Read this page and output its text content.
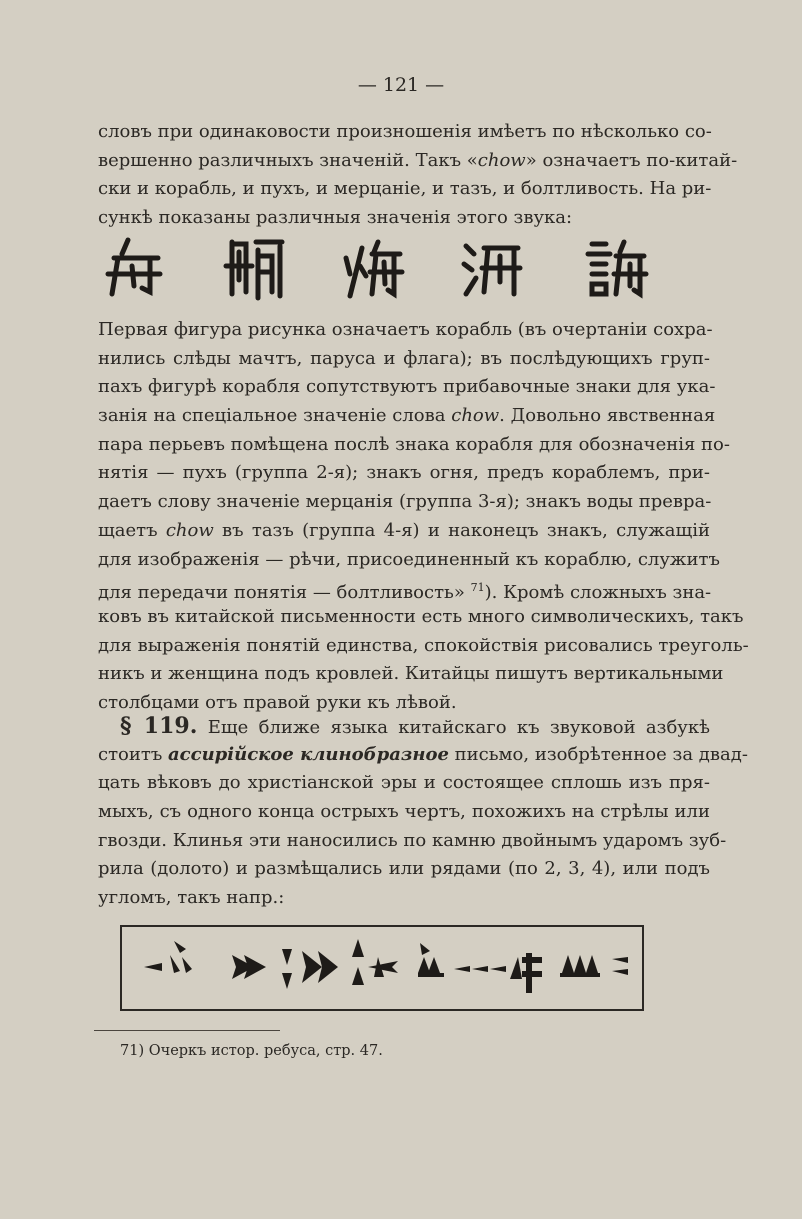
— 121 —
словъ при одинаковости произношенія имѣетъ по нѣсколько со-
вершенно различныхъ значеній. Такъ «chow» означаетъ по-китай-
ски и корабль, и пухъ, и мерцаніе, и тазъ, и болтливость. На ри-
сункѣ показаны различныя значенія этого звука:
Первая фигура рисунка означаетъ корабль (въ очертаніи сохра-
нились слѣды мачтъ, паруса и флага); въ послѣдующихъ груп-
пахъ фигурѣ корабля сопутствуютъ прибавочные знаки для ука-
занія на спеціальное значеніе слова chow. Довольно явственная
пара перьевъ помѣщена послѣ знака корабля для обозначенія по-
нятія — пухъ (группа 2-я); знакъ огня, предъ кораблемъ, при-
даетъ слову значеніе мерцанія (группа 3-я); знакъ воды превра-
щаетъ chow въ тазъ (группа 4-я) и наконецъ знакъ, служащій
для изображенія — рѣчи, присоединенный къ кораблю, служитъ
для передачи понятія — болтливость» $^{71}$). Кромѣ сложныхъ зна-
ковъ въ китайской письменности есть много символическихъ, такъ
для выраженія понятій единства, спокойствія рисовались треуголь-
никъ и женщина подъ кровлей. Китайцы пишутъ вертикальными
столбцами отъ правой руки къ лѣвой.
§ 119. Еще ближе языка китайскаго къ звуковой азбукѣ
стоитъ ассирійское клинобразное письмо, изобрѣтенное за двад-
цать вѣковъ до христіанской эры и состоящее сплошь изъ пря-
мыхъ, съ одного конца острыхъ чертъ, похожихъ на стрѣлы или
гвозди. Клинья эти наносились по камню двойнымъ ударомъ зуб-
рила (долото) и размѣщались или рядами (по 2, 3, 4), или подъ
угломъ, такъ напр.:
71) Очеркъ истор. ребуса, стр. 47.
